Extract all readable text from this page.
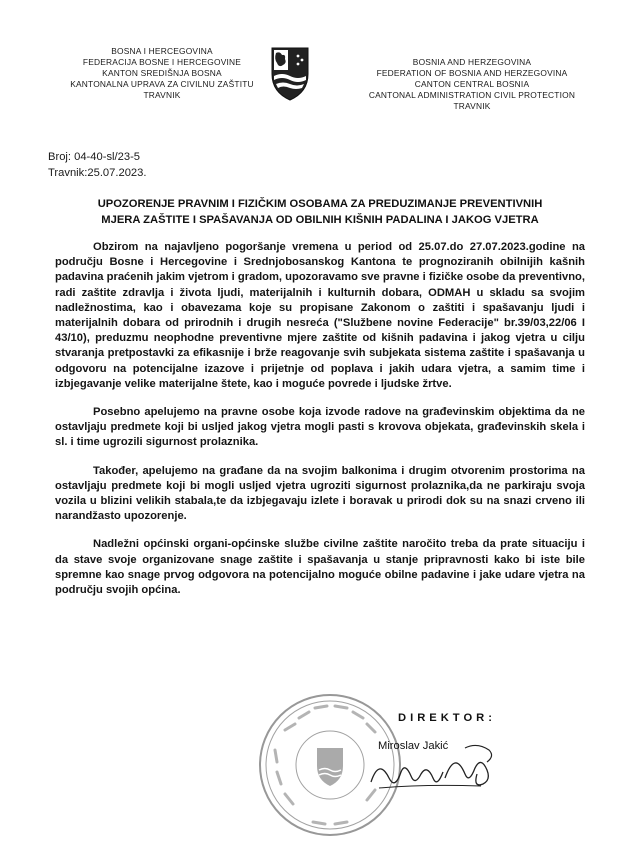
BOSNA I HERCEGOVINA
FEDERACIJA BOSNE I HERCEGOVINE
KANTON SREDIŠNJA BOSNA
KANTONALNA UPRAVA ZA CIVILNU ZAŠTITU
TRAVNIK
BOSNIA AND HERZEGOVINA
FEDERATION OF BOSNIA AND HERZEGOVINA
CANTON CENTRAL BOSNIA
CANTONAL ADMINISTRATION CIVIL PROTECTION
TRAVNIK
Broj: 04-40-sl/23-5
Travnik:25.07.2023.
UPOZORENJE PRAVNIM I FIZIČKIM OSOBAMA ZA PREDUZIMANJE PREVENTIVNIH
MJERA ZAŠTITE I SPAŠAVANJA OD OBILNIH KIŠNIH PADALINA I JAKOG VJETRA

Obzirom na najavljeno pogoršanje vremena u period od 25.07.do 27.07.2023.godine na području Bosne i Hercegovine i Srednjobosanskog Kantona te prognoziranih obilnijih kašnih padavina praćenih jakim vjetrom i gradom, upozoravamo sve pravne i fizičke osobe da preventivno, radi zaštite zdravlja i života ljudi, materijalnih i kulturnih dobara, ODMAH u skladu sa svojim nadležnostima, kao i obavezama koje su propisane Zakonom o zaštiti i spašavanju ljudi i materijalnih dobara od prirodnih i drugih nesreća ("Službene novine Federacije" br.39/03,22/06 I 43/10), preduzmu neophodne preventivne mjere zaštite od kišnih padavina i jakog vjetra u cilju stvaranja pretpostavki za efikasnije i brže reagovanje svih subjekata sistema zaštite i spašavanja u odgovoru na potencijalne izazove i prijetnje od poplava i jakih udara vjetra, a samim time i izbjegavanje velike materijalne štete, kao i moguće povrede i ljudske žrtve.

Posebno apelujemo na pravne osobe koja izvode radove na građevinskim objektima da ne ostavljaju predmete koji bi usljed jakog vjetra mogli pasti s krovova objekata, građevinskih skela i sl. i time ugrozili sigurnost prolaznika.

Također, apelujemo na građane da na svojim balkonima i drugim otvorenim prostorima na ostavljaju predmete koji bi mogli usljed vjetra ugroziti sigurnost prolaznika,da ne parkiraju svoja vozila u blizini velikih stabala,te da izbjegavaju izlete i boravak u prirodi dok su na snazi crveno ili narandžasto upozorenje.

Nadležni općinski organi-općinske službe civilne zaštite naročito treba da prate situaciju i da stave svoje organizovane snage zaštite i spašavanja u stanje pripravnosti kako bi iste bile spremne kao snage prvog odgovora na potencijalno moguće obilne padavine i jake udare vjetra na području svojih općina.

DIREKTOR:
Miroslav Jakić
